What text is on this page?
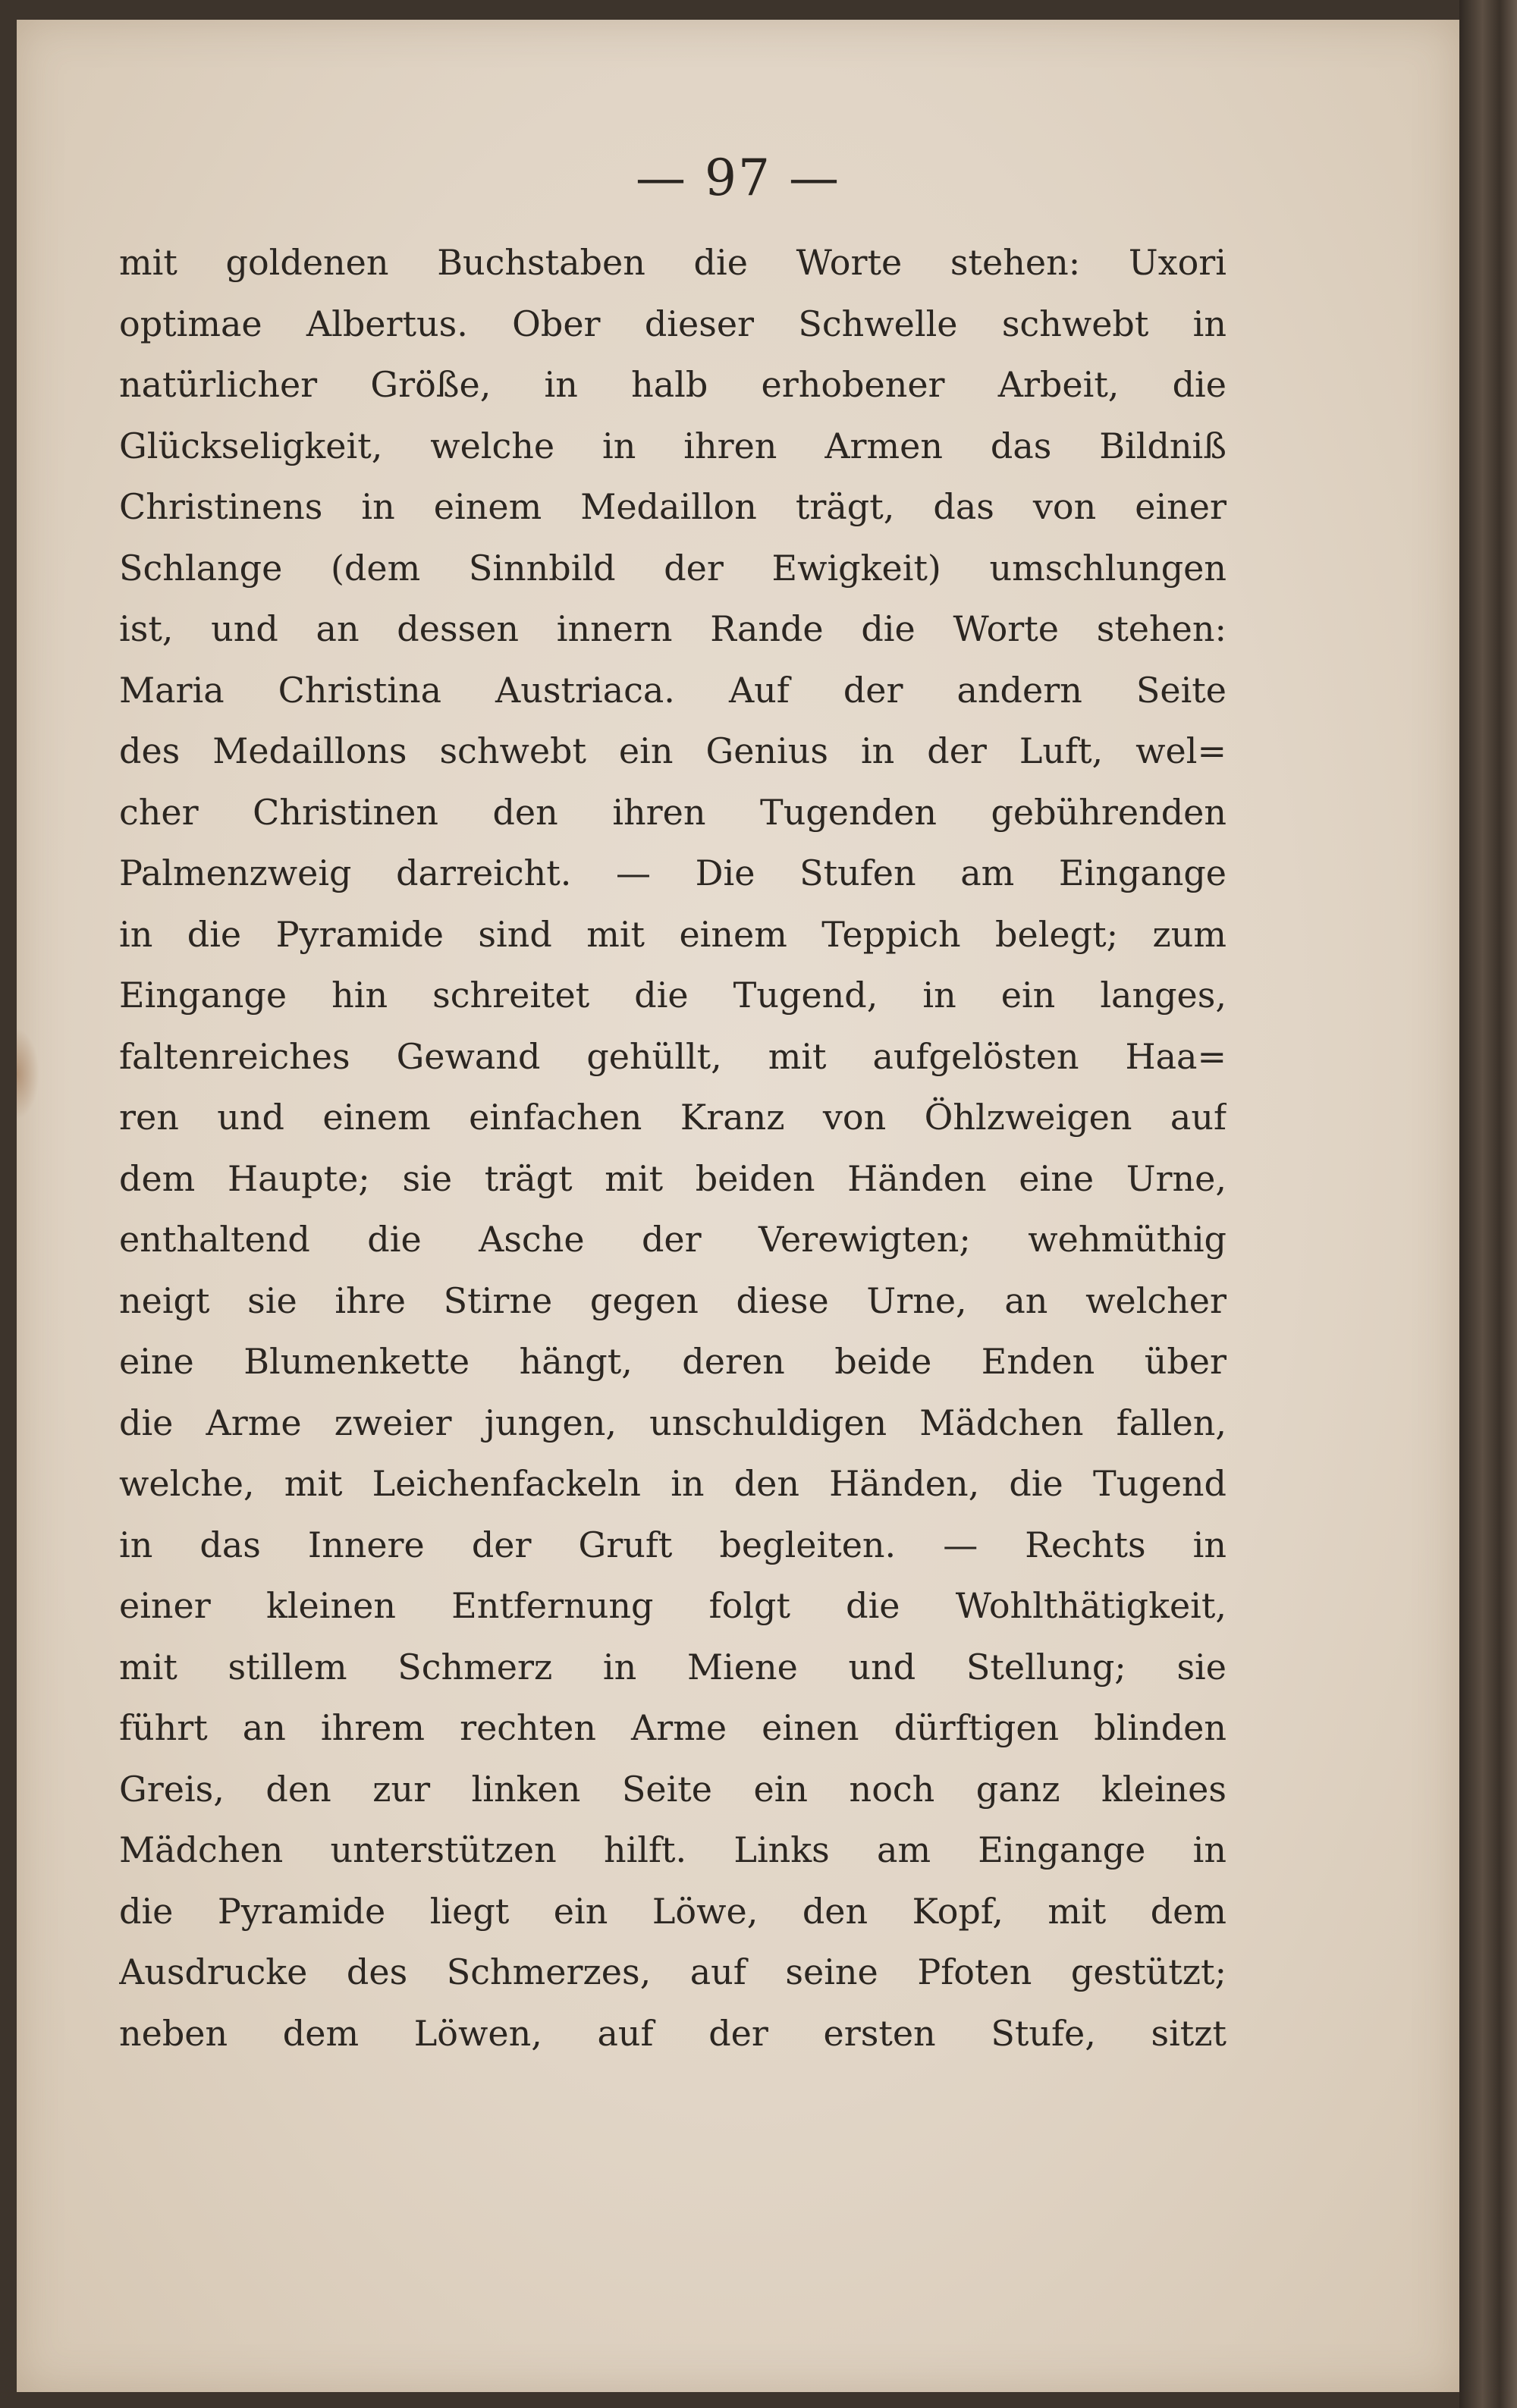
— 97 —
mit goldenen Buchstaben die Worte stehen: Uxori
optimae Albertus. Ober dieser Schwelle schwebt in
natürlicher Größe, in halb erhobener Arbeit, die
Glückseligkeit, welche in ihren Armen das Bildniß
Christinens in einem Medaillon trägt, das von einer
Schlange (dem Sinnbild der Ewigkeit) umschlungen
ist, und an dessen innern Rande die Worte stehen:
Maria Christina Austriaca. Auf der andern Seite
des Medaillons schwebt ein Genius in der Luft, wel=
cher Christinen den ihren Tugenden gebührenden
Palmenzweig darreicht. — Die Stufen am Eingange
in die Pyramide sind mit einem Teppich belegt; zum
Eingange hin schreitet die Tugend, in ein langes,
faltenreiches Gewand gehüllt, mit aufgelösten Haa=
ren und einem einfachen Kranz von Öhlzweigen auf
dem Haupte; sie trägt mit beiden Händen eine Urne,
enthaltend die Asche der Verewigten; wehmüthig
neigt sie ihre Stirne gegen diese Urne, an welcher
eine Blumenkette hängt, deren beide Enden über
die Arme zweier jungen, unschuldigen Mädchen fallen,
welche, mit Leichenfackeln in den Händen, die Tugend
in das Innere der Gruft begleiten. — Rechts in
einer kleinen Entfernung folgt die Wohlthätigkeit,
mit stillem Schmerz in Miene und Stellung; sie
führt an ihrem rechten Arme einen dürftigen blinden
Greis, den zur linken Seite ein noch ganz kleines
Mädchen unterstützen hilft. Links am Eingange in
die Pyramide liegt ein Löwe, den Kopf, mit dem
Ausdrucke des Schmerzes, auf seine Pfoten gestützt;
neben dem Löwen, auf der ersten Stufe, sitzt
